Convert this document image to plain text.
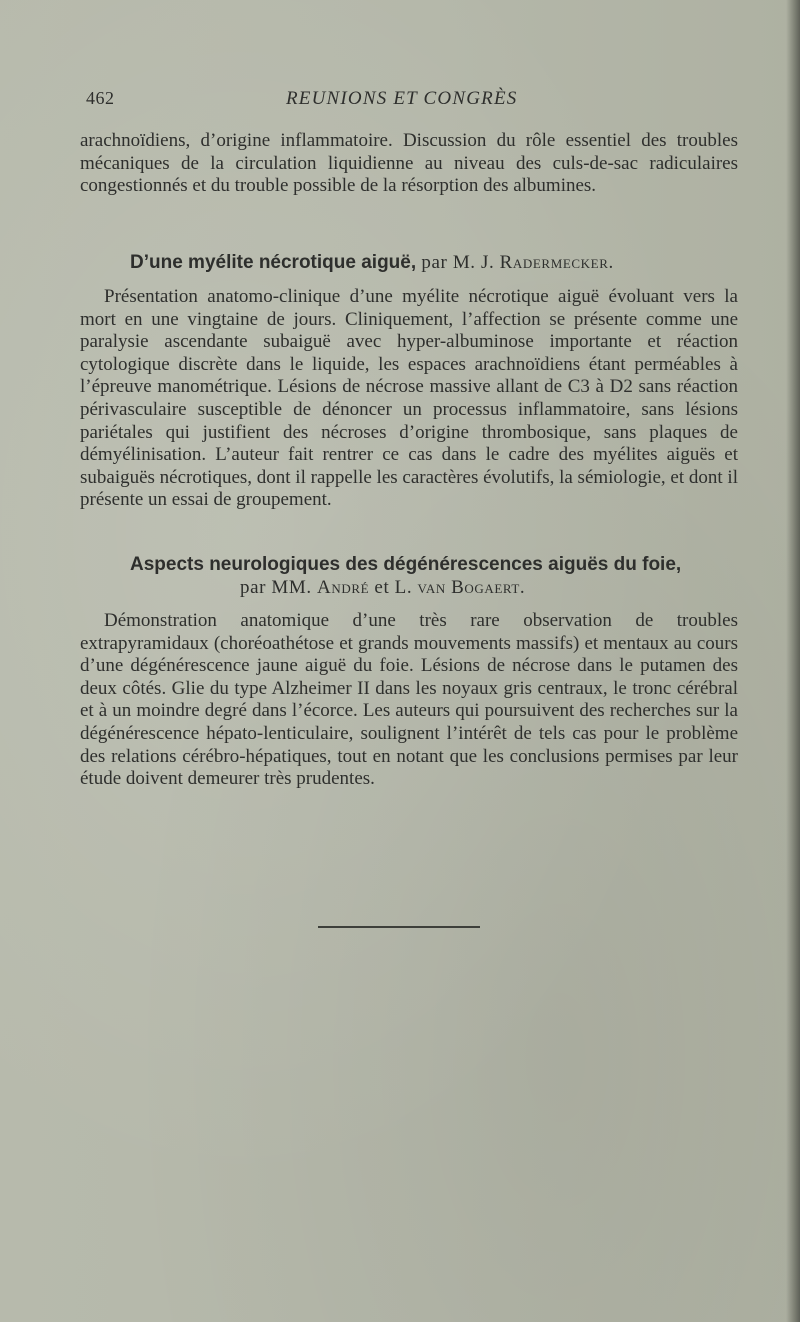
462	REUNIONS ET CONGRÈS

arachnoïdiens, d’origine inflammatoire. Discussion du rôle essentiel des troubles mécaniques de la circulation liquidienne au niveau des culs-de-sac radiculaires congestionnés et du trouble possible de la résorption des albumines.

D’une myélite nécrotique aiguë, par M. J. Radermecker.

Présentation anatomo-clinique d’une myélite nécrotique aiguë évoluant vers la mort en une vingtaine de jours. Cliniquement, l’affection se présente comme une paralysie ascendante subaiguë avec hyper-albuminose importante et réaction cytologique discrète dans le liquide, les espaces arachnoïdiens étant perméables à l’épreuve manométrique. Lésions de nécrose massive allant de C3 à D2 sans réaction périvasculaire susceptible de dénoncer un processus inflammatoire, sans lésions pariétales qui justifient des nécroses d’origine thrombosique, sans plaques de démyélinisation. L’auteur fait rentrer ce cas dans le cadre des myélites aiguës et subaiguës nécrotiques, dont il rappelle les caractères évolutifs, la sémiologie, et dont il présente un essai de groupement.

Aspects neurologiques des dégénérescences aiguës du foie,
par MM. André et L. van Bogaert.

Démonstration anatomique d’une très rare observation de troubles extrapyramidaux (choréoathétose et grands mouvements massifs) et mentaux au cours d’une dégénérescence jaune aiguë du foie. Lésions de nécrose dans le putamen des deux côtés. Glie du type Alzheimer II dans les noyaux gris centraux, le tronc cérébral et à un moindre degré dans l’écorce. Les auteurs qui poursuivent des recherches sur la dégénérescence hépato-lenticulaire, soulignent l’intérêt de tels cas pour le problème des relations cérébro-hépatiques, tout en notant que les conclusions permises par leur étude doivent demeurer très prudentes.
